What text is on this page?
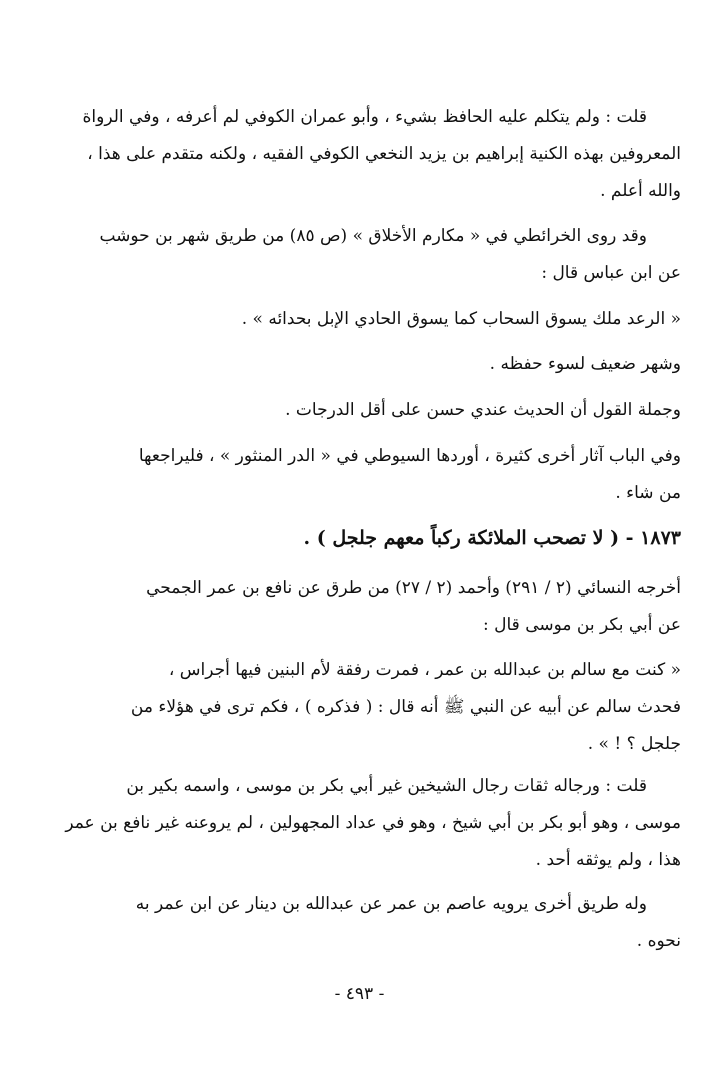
قلت : ولم يتكلم عليه الحافظ بشيء ، وأبو عمران الكوفي لم أعرفه ، وفي الرواة
المعروفين بهذه الكنية إبراهيم بن يزيد النخعي الكوفي الفقيه ، ولكنه متقدم على هذا ،
والله أعلم .
وقد روى الخرائطي في « مكارم الأخلاق » (ص ٨٥) من طريق شهر بن حوشب
عن ابن عباس قال :
« الرعد ملك يسوق السحاب كما يسوق الحادي الإبل بحدائه » .
وشهر ضعيف لسوء حفظه .
وجملة القول أن الحديث عندي حسن على أقل الدرجات .
وفي الباب آثار أخرى كثيرة ، أوردها السيوطي في « الدر المنثور » ، فليراجعها
من شاء .
١٨٧٣ - ( لا تصحب الملائكة ركباً معهم جلجل ) .
أخرجه النسائي (٢ / ٢٩١) وأحمد (٢ / ٢٧) من طرق عن نافع بن عمر الجمحي
عن أبي بكر بن موسى قال :
« كنت مع سالم بن عبدالله بن عمر ، فمرت رفقة لأم البنين فيها أجراس ،
فحدث سالم عن أبيه عن النبي ﷺ أنه قال : ( فذكره ) ، فكم ترى في هؤلاء من
جلجل ؟ ! » .
قلت : ورجاله ثقات رجال الشيخين غير أبي بكر بن موسى ، واسمه بكير بن
موسى ، وهو أبو بكر بن أبي شيخ ، وهو في عداد المجهولين ، لم يروعنه غير نافع بن عمر
هذا ، ولم يوثقه أحد .
وله طريق أخرى يرويه عاصم بن عمر عن عبدالله بن دينار عن ابن عمر به
نحوه .
- ٤٩٣ -
